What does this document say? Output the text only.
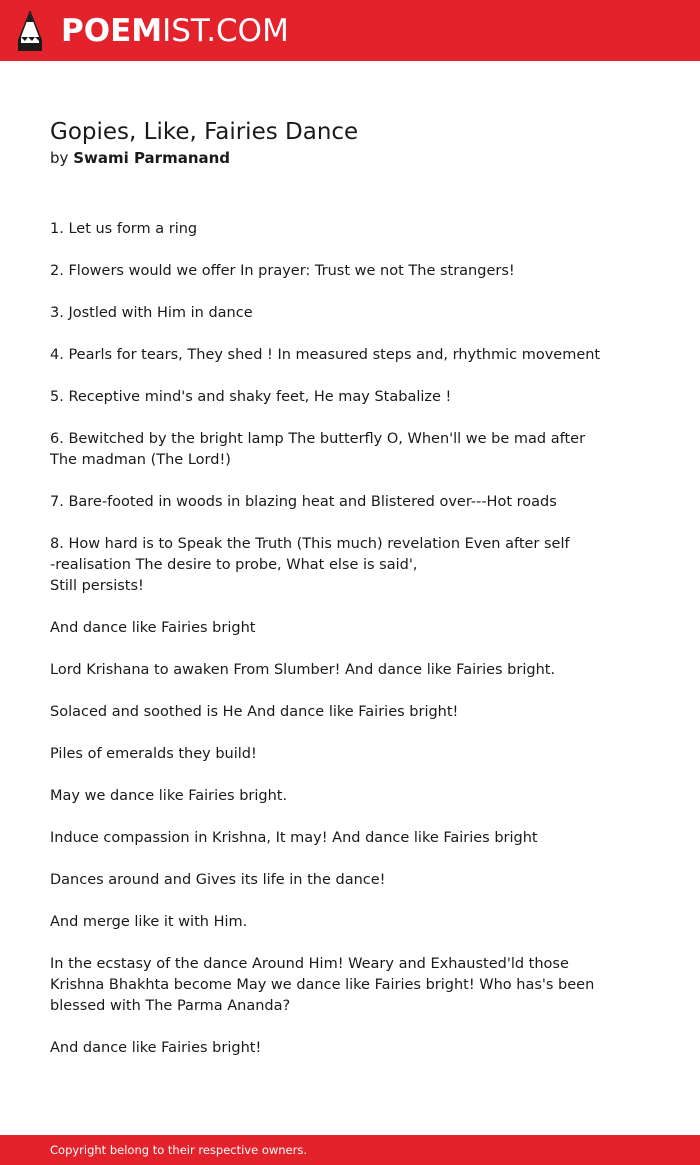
POEMIST.COM
Gopies, Like, Fairies Dance
by Swami Parmanand

1. Let us form a ring

2. Flowers would we offer In prayer: Trust we not The strangers!

3. Jostled with Him in dance

4. Pearls for tears, They shed ! In measured steps and, rhythmic movement

5. Receptive mind's and shaky feet, He may Stabalize !

6. Bewitched by the bright lamp The butterfly O, When'll we be mad after
The madman (The Lord!)

7. Bare-footed in woods in blazing heat and Blistered over---Hot roads

8. How hard is to Speak the Truth (This much) revelation Even after self
-realisation The desire to probe, What else is said',
Still persists!

And dance like Fairies bright

Lord Krishana to awaken From Slumber! And dance like Fairies bright.

Solaced and soothed is He And dance like Fairies bright!

Piles of emeralds they build!

May we dance like Fairies bright.

Induce compassion in Krishna, It may! And dance like Fairies bright

Dances around and Gives its life in the dance!

And merge like it with Him.

In the ecstasy of the dance Around Him! Weary and Exhausted'ld those
Krishna Bhakhta become May we dance like Fairies bright! Who has's been
blessed with The Parma Ananda?

And dance like Fairies bright!

Copyright belong to their respective owners.
